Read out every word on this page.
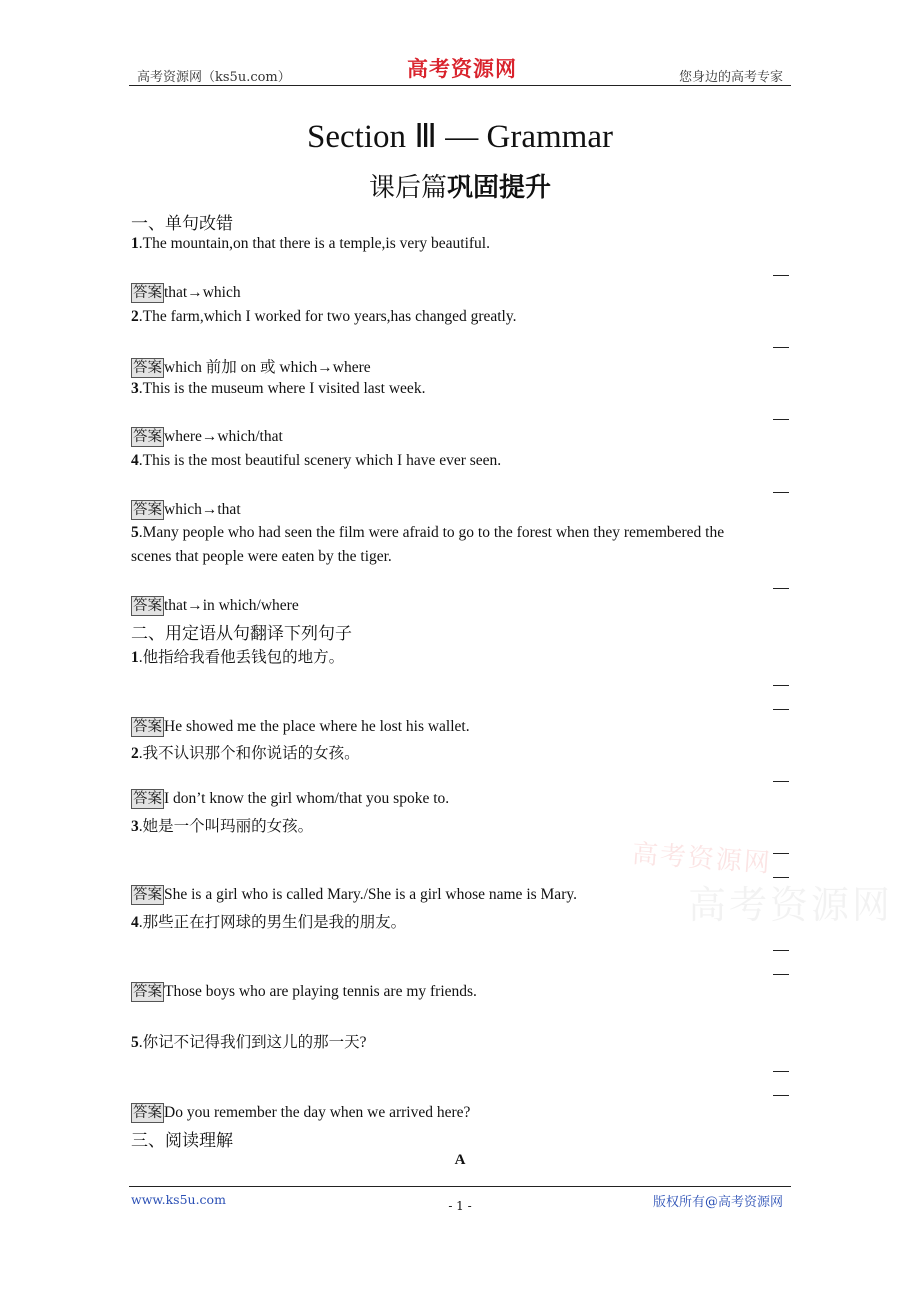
高考资源网（ks5u.com）	高考资源网	您身边的高考专家
Section Ⅲ — Grammar
课后篇巩固提升
一、单句改错
1.The mountain,on that there is a temple,is very beautiful.
答案 that→which
2.The farm,which I worked for two years,has changed greatly.
答案 which 前加 on 或 which→where
3.This is the museum where I visited last week.
答案 where→which/that
4.This is the most beautiful scenery which I have ever seen.
答案 which→that
5.Many people who had seen the film were afraid to go to the forest when they remembered the
scenes that people were eaten by the tiger.
答案 that→in which/where
二、用定语从句翻译下列句子
1.他指给我看他丢钱包的地方。
答案 He showed me the place where he lost his wallet.
2.我不认识那个和你说话的女孩。
答案 I don’t know the girl whom/that you spoke to.
3.她是一个叫玛丽的女孩。
答案 She is a girl who is called Mary./She is a girl whose name is Mary.
4.那些正在打网球的男生们是我的朋友。
答案 Those boys who are playing tennis are my friends.
5.你记不记得我们到这儿的那一天?
答案 Do you remember the day when we arrived here?
三、阅读理解
A
高考资源网
高考资源网
www.ks5u.com	- 1 -	版权所有@高考资源网
